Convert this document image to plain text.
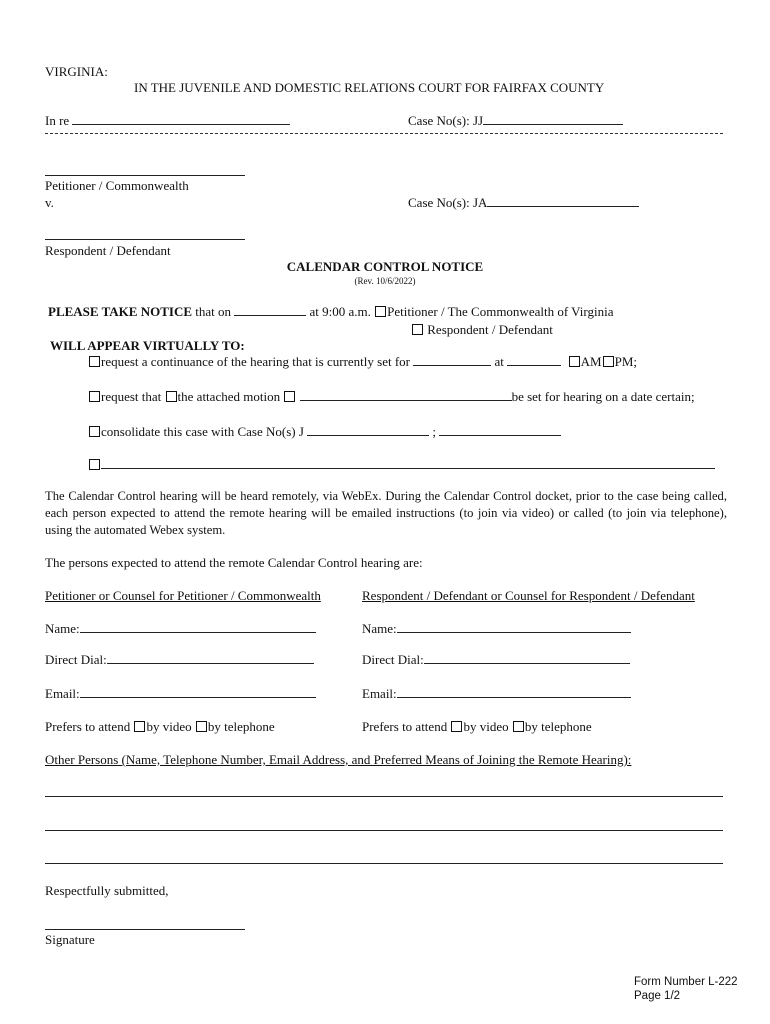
VIRGINIA:
IN THE JUVENILE AND DOMESTIC RELATIONS COURT FOR FAIRFAX COUNTY
In re	Case No(s): JJ
Petitioner / Commonwealth
v.	Case No(s): JA
Respondent / Defendant
CALENDAR CONTROL NOTICE
(Rev. 10/6/2022)
PLEASE TAKE NOTICE that on	at 9:00 a.m. Petitioner / The Commonwealth of Virginia
Respondent / Defendant
WILL APPEAR VIRTUALLY TO:
request a continuance of the hearing that is currently set for	at	AM PM;
request that the attached motion	be set for hearing on a date certain;
consolidate this case with Case No(s) J	;
The Calendar Control hearing will be heard remotely, via WebEx. During the Calendar Control docket, prior to the case being called, each person expected to attend the remote hearing will be emailed instructions (to join via video) or called (to join via telephone), using the automated Webex system.
The persons expected to attend the remote Calendar Control hearing are:
Petitioner or Counsel for Petitioner / Commonwealth	Respondent / Defendant or Counsel for Respondent / Defendant
Name:	Name:
Direct Dial:	Direct Dial:
Email:	Email:
Prefers to attend by video by telephone	Prefers to attend by video by telephone
Other Persons (Name, Telephone Number, Email Address, and Preferred Means of Joining the Remote Hearing):
Respectfully submitted,
Signature
Form Number L-222
Page 1/2
